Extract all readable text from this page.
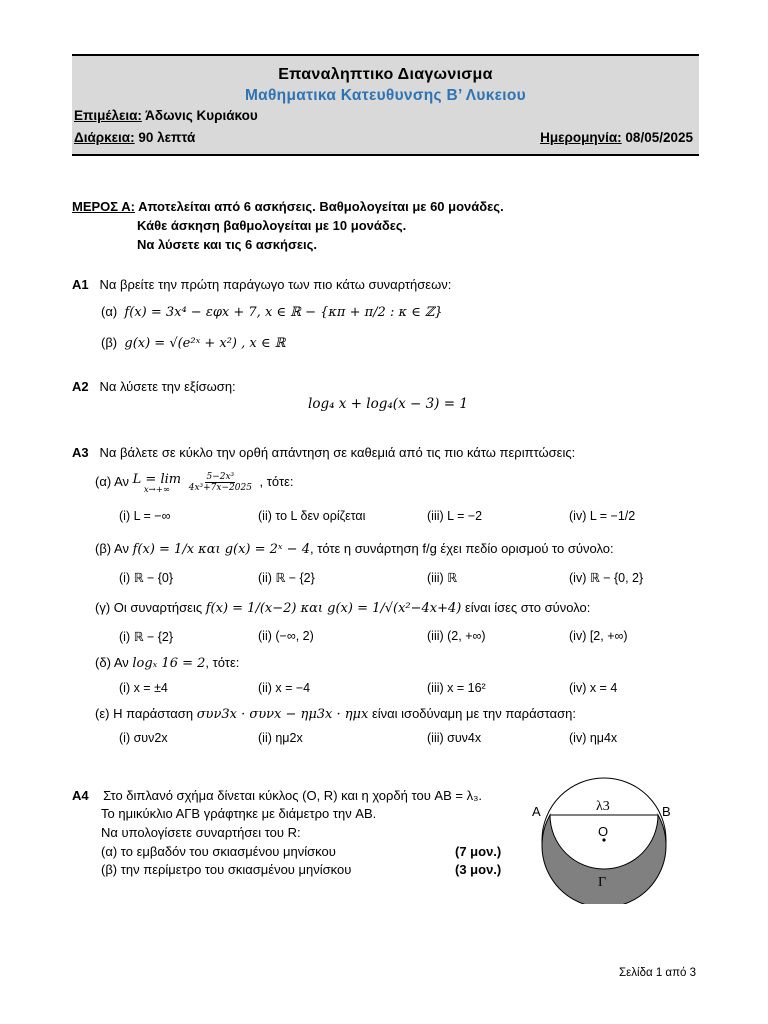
Επαναληπτικο Διαγωνισμα
Μαθηματικα Κατευθυνσης Β’ Λυκειου
Επιμέλεια: Άδωνις Κυριάκου
Διάρκεια: 90 λεπτά	Ημερομηνία: 08/05/2025
ΜΕΡΟΣ Α: Αποτελείται από 6 ασκήσεις. Βαθμολογείται με 60 μονάδες.
Κάθε άσκηση βαθμολογείται με 10 μονάδες.
Να λύσετε και τις 6 ασκήσεις.
Α1 Να βρείτε την πρώτη παράγωγο των πιο κάτω συναρτήσεων:
(α) f(x) = 3x⁴ − εφx + 7, x ∈ ℝ − {κπ + π/2 : κ ∈ ℤ}
(β) g(x) = √(e²ˣ + x²) , x ∈ ℝ
Α2 Να λύσετε την εξίσωση:
log₄ x + log₄(x − 3) = 1
Α3 Να βάλετε σε κύκλο την ορθή απάντηση σε καθεμιά από τις πιο κάτω περιπτώσεις:
(α) Αν L = lim
x→+∞
$\frac{\text{5−2x³}}{\text{4x³+7x−2025}}$ , τότε:
(i) L = −∞	(ii) το L δεν ορίζεται	(iii) L = −2	(iv) L = −1/2
(β) Αν f(x) = 1/x και g(x) = 2ˣ − 4, τότε η συνάρτηση f/g έχει πεδίο ορισμού το σύνολο:
(i) ℝ − {0}	(ii) ℝ − {2}	(iii) ℝ	(iv) ℝ − {0, 2}
(γ) Οι συναρτήσεις f(x) = 1/(x−2) και g(x) = 1/√(x²−4x+4) είναι ίσες στο σύνολο:
(i) ℝ − {2}	(ii) (−∞, 2)	(iii) (2, +∞)	(iv) [2, +∞)
(δ) Αν logₓ 16 = 2, τότε:
(i) x = ±4	(ii) x = −4	(iii) x = 16²	(iv) x = 4
(ε) Η παράσταση συν3x · συνx − ημ3x · ημx είναι ισοδύναμη με την παράσταση:
(i) συν2x	(ii) ημ2x	(iii) συν4x	(iv) ημ4x
Α4 Στο διπλανό σχήμα δίνεται κύκλος (O, R) και η χορδή του AB = λ₃.
Το ημικύκλιο ΑΓΒ γράφτηκε με διάμετρο την AB.
Να υπολογίσετε συναρτήσει του R:
(α) το εμβαδόν του σκιασμένου μηνίσκου	(7 μον.)
(β) την περίμετρο του σκιασμένου μηνίσκου	(3 μον.)
A	B
λ3
O
Γ
Σελίδα 1 από 3
